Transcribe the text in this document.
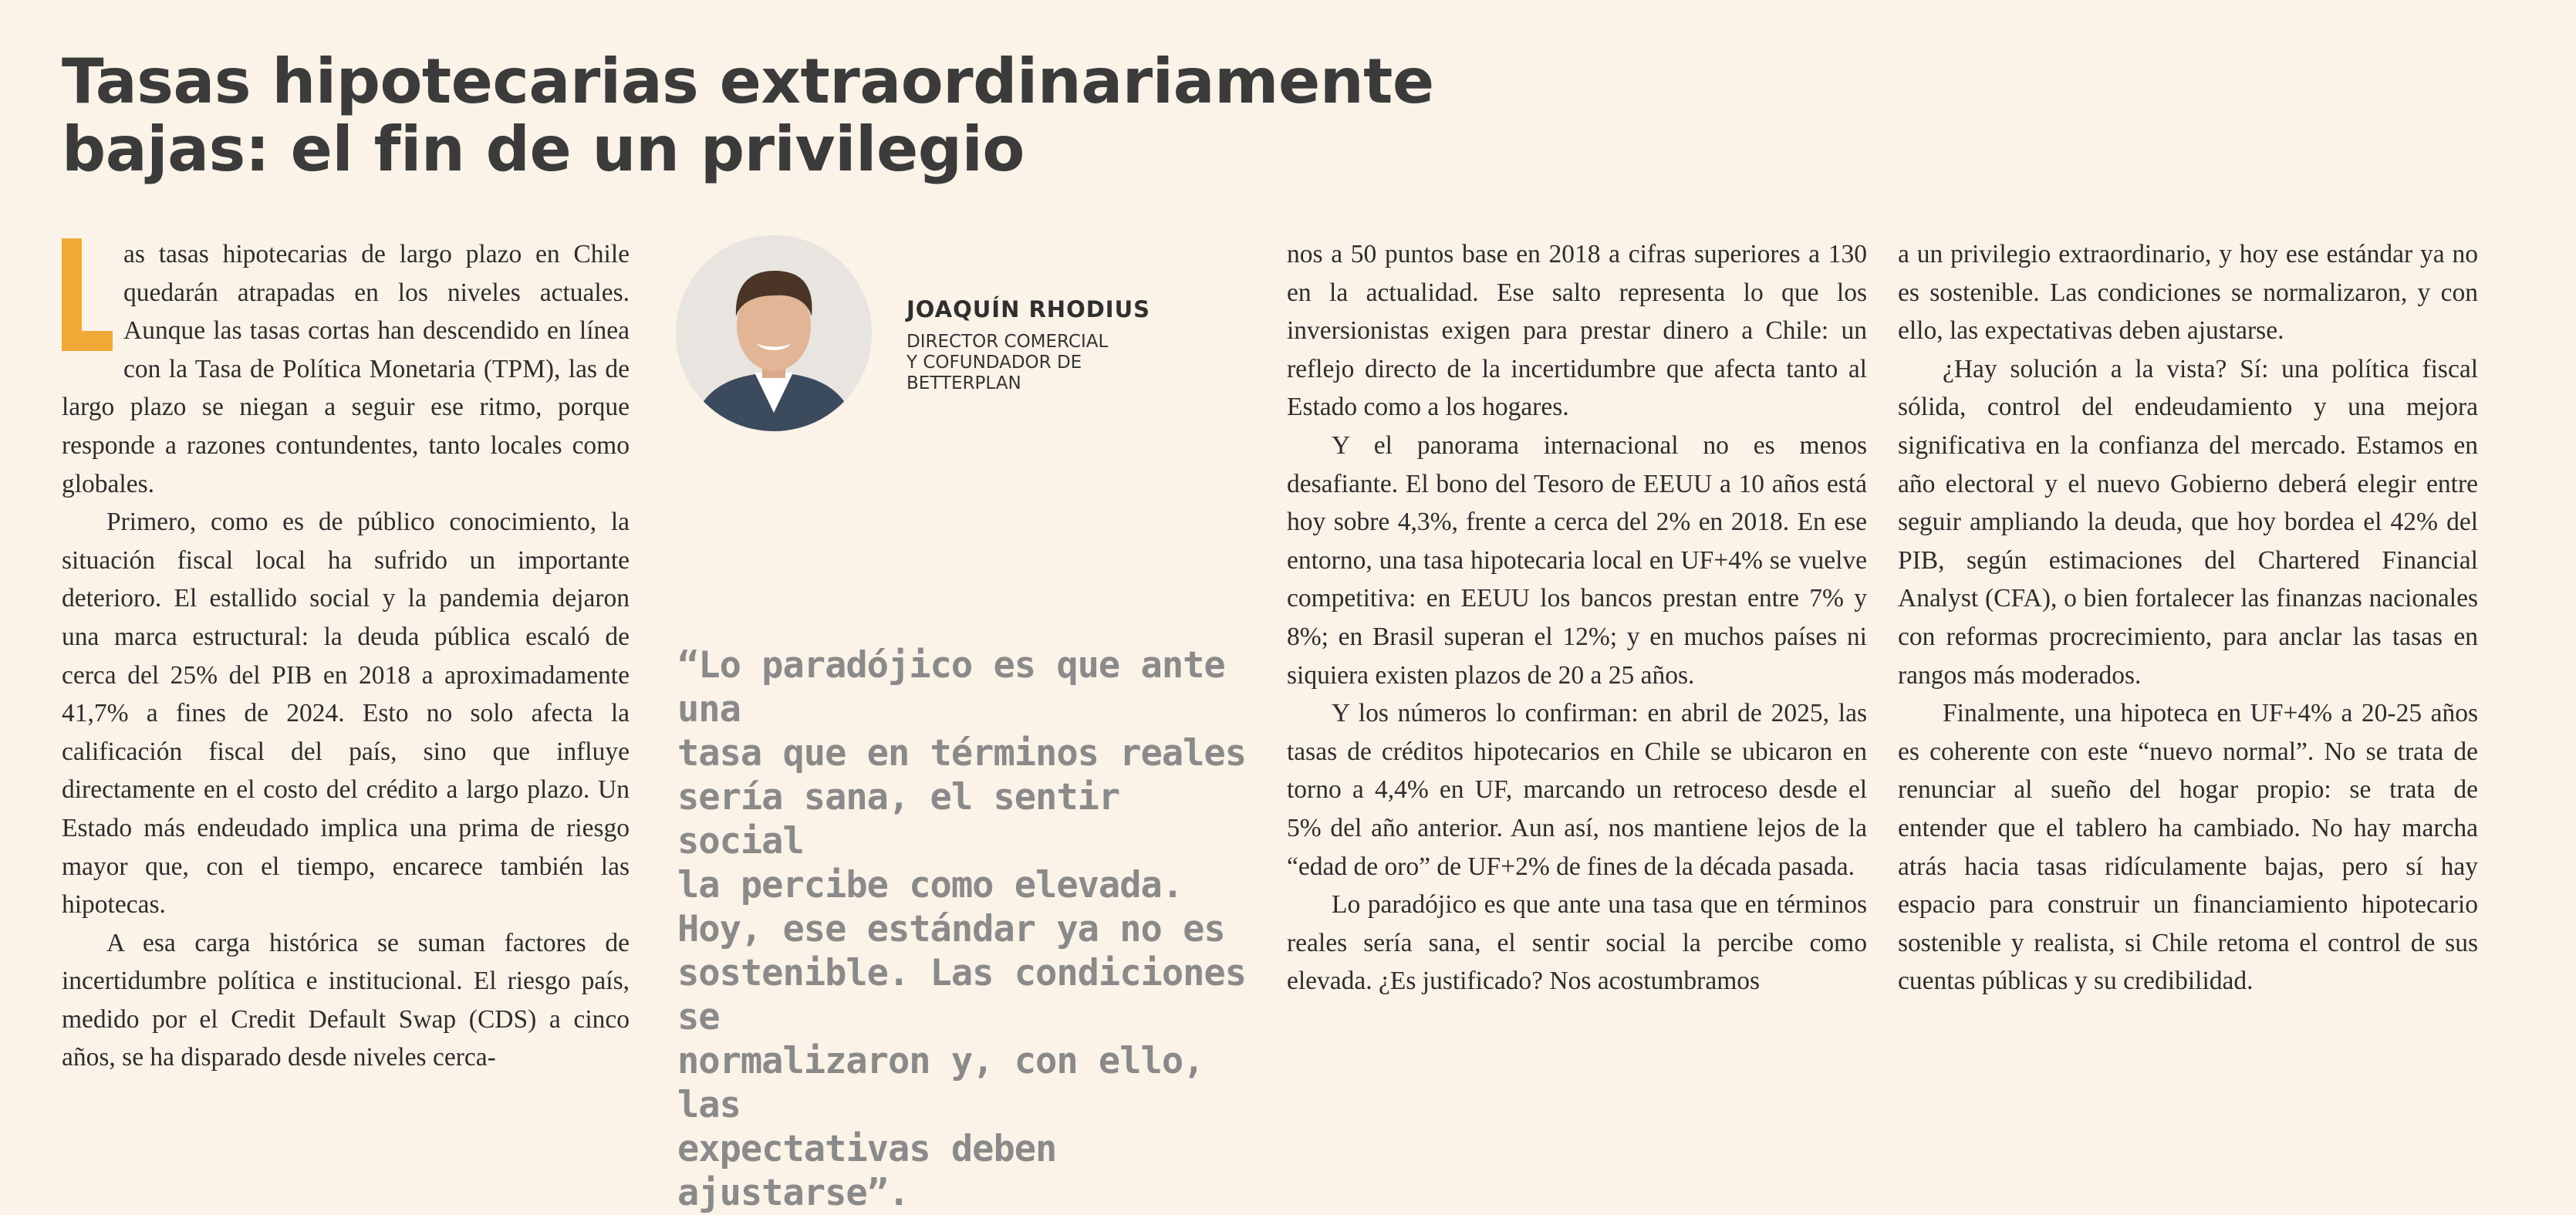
Tasas hipotecarias extraordinariamente
bajas: el fin de un privilegio

as tasas hipotecarias de largo plazo en Chile quedarán atrapadas en los niveles actuales. Aunque las tasas cortas han descendido en línea con la Tasa de Política Monetaria (TPM), las de largo plazo se niegan a seguir ese ritmo, porque responde a razones contundentes, tanto locales como globales.

Primero, como es de público conocimiento, la situación fiscal local ha sufrido un importante deterioro. El estallido social y la pandemia dejaron una marca estructural: la deuda pública escaló de cerca del 25% del PIB en 2018 a aproximadamente 41,7% a fines de 2024. Esto no solo afecta la calificación fiscal del país, sino que influye directamente en el costo del crédito a largo plazo. Un Estado más endeudado implica una prima de riesgo mayor que, con el tiempo, encarece también las hipotecas.

A esa carga histórica se suman factores de incertidumbre política e institucional. El riesgo país, medido por el Credit Default Swap (CDS) a cinco años, se ha disparado desde niveles cerca-

JOAQUÍN RHODIUS
DIRECTOR COMERCIAL
Y COFUNDADOR DE
BETTERPLAN
“Lo paradójico es que ante una
tasa que en términos reales
sería sana, el sentir social
la percibe como elevada.
Hoy, ese estándar ya no es
sostenible. Las condiciones se
normalizaron y, con ello, las
expectativas deben ajustarse”.

nos a 50 puntos base en 2018 a cifras superiores a 130 en la actualidad. Ese salto representa lo que los inversionistas exigen para prestar dinero a Chile: un reflejo directo de la incertidumbre que afecta tanto al Estado como a los hogares.

Y el panorama internacional no es menos desafiante. El bono del Tesoro de EEUU a 10 años está hoy sobre 4,3%, frente a cerca del 2% en 2018. En ese entorno, una tasa hipotecaria local en UF+4% se vuelve competitiva: en EEUU los bancos prestan entre 7% y 8%; en Brasil superan el 12%; y en muchos países ni siquiera existen plazos de 20 a 25 años.

Y los números lo confirman: en abril de 2025, las tasas de créditos hipotecarios en Chile se ubicaron en torno a 4,4% en UF, marcando un retroceso desde el 5% del año anterior. Aun así, nos mantiene lejos de la “edad de oro” de UF+2% de fines de la década pasada.

Lo paradójico es que ante una tasa que en términos reales sería sana, el sentir social la percibe como elevada. ¿Es justificado? Nos acostumbramos

a un privilegio extraordinario, y hoy ese estándar ya no es sostenible. Las condiciones se normalizaron, y con ello, las expectativas deben ajustarse.

¿Hay solución a la vista? Sí: una política fiscal sólida, control del endeudamiento y una mejora significativa en la confianza del mercado. Estamos en año electoral y el nuevo Gobierno deberá elegir entre seguir ampliando la deuda, que hoy bordea el 42% del PIB, según estimaciones del Chartered Financial Analyst (CFA), o bien fortalecer las finanzas nacionales con reformas procrecimiento, para anclar las tasas en rangos más moderados.

Finalmente, una hipoteca en UF+4% a 20-25 años es coherente con este “nuevo normal”. No se trata de renunciar al sueño del hogar propio: se trata de entender que el tablero ha cambiado. No hay marcha atrás hacia tasas ridículamente bajas, pero sí hay espacio para construir un financiamiento hipotecario sostenible y realista, si Chile retoma el control de sus cuentas públicas y su credibilidad.
